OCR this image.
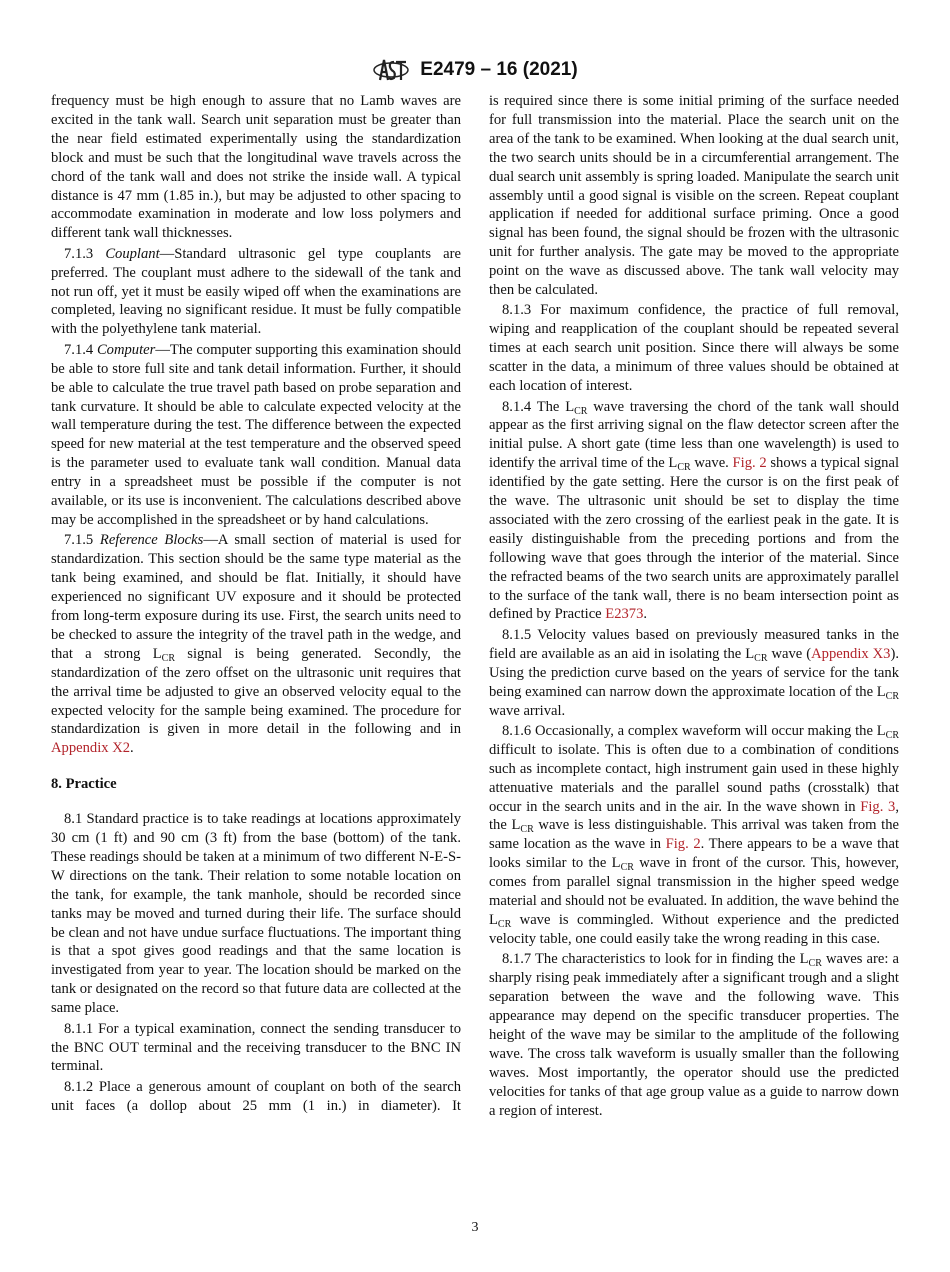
E2479 – 16 (2021)

frequency must be high enough to assure that no Lamb waves are excited in the tank wall. Search unit separation must be greater than the near field estimated experimentally using the standardization block and must be such that the longitudinal wave travels across the chord of the tank wall and does not strike the inside wall. A typical distance is 47 mm (1.85 in.), but may be adjusted to other spacing to accommodate examination in moderate and low loss polymers and different tank wall thicknesses.

7.1.3 Couplant—Standard ultrasonic gel type couplants are preferred. The couplant must adhere to the sidewall of the tank and not run off, yet it must be easily wiped off when the examinations are completed, leaving no significant residue. It must be fully compatible with the polyethylene tank material.

7.1.4 Computer—The computer supporting this examination should be able to store full site and tank detail information. Further, it should be able to calculate the true travel path based on probe separation and tank curvature. It should be able to calculate expected velocity at the wall temperature during the test. The difference between the expected speed for new material at the test temperature and the observed speed is the parameter used to evaluate tank wall condition. Manual data entry in a spreadsheet must be possible if the computer is not available, or its use is inconvenient. The calculations described above may be accomplished in the spreadsheet or by hand calculations.

7.1.5 Reference Blocks—A small section of material is used for standardization. This section should be the same type material as the tank being examined, and should be flat. Initially, it should have experienced no significant UV exposure and it should be protected from long-term exposure during its use. First, the search units need to be checked to assure the integrity of the travel path in the wedge, and that a strong $L_{CR}$ signal is being generated. Secondly, the standardization of the zero offset on the ultrasonic unit requires that the arrival time be adjusted to give an observed velocity equal to the expected velocity for the sample being examined. The procedure for standardization is given in more detail in the following and in Appendix X2.

8. Practice

8.1 Standard practice is to take readings at locations approximately 30 cm (1 ft) and 90 cm (3 ft) from the base (bottom) of the tank. These readings should be taken at a minimum of two different N-E-S-W directions on the tank. Their relation to some notable location on the tank, for example, the tank manhole, should be recorded since tanks may be moved and turned during their life. The surface should be clean and not have undue surface fluctuations. The important thing is that a spot gives good readings and that the same location is investigated from year to year. The location should be marked on the tank or designated on the record so that future data are collected at the same place.

8.1.1 For a typical examination, connect the sending transducer to the BNC OUT terminal and the receiving transducer to the BNC IN terminal.

8.1.2 Place a generous amount of couplant on both of the search unit faces (a dollop about 25 mm (1 in.) in diameter). It

is required since there is some initial priming of the surface needed for full transmission into the material. Place the search unit on the area of the tank to be examined. When looking at the dual search unit, the two search units should be in a circumferential arrangement. The dual search unit assembly is spring loaded. Manipulate the search unit assembly until a good signal is visible on the screen. Repeat couplant application if needed for additional surface priming. Once a good signal has been found, the signal should be frozen with the ultrasonic unit for further analysis. The gate may be moved to the appropriate point on the wave as discussed above. The tank wall velocity may then be calculated.

8.1.3 For maximum confidence, the practice of full removal, wiping and reapplication of the couplant should be repeated several times at each search unit position. Since there will always be some scatter in the data, a minimum of three values should be obtained at each location of interest.

8.1.4 The $L_{CR}$ wave traversing the chord of the tank wall should appear as the first arriving signal on the flaw detector screen after the initial pulse. A short gate (time less than one wavelength) is used to identify the arrival time of the $L_{CR}$ wave. Fig. 2 shows a typical signal identified by the gate setting. Here the cursor is on the first peak of the wave. The ultrasonic unit should be set to display the time associated with the zero crossing of the earliest peak in the gate. It is easily distinguishable from the preceding portions and from the following wave that goes through the interior of the material. Since the refracted beams of the two search units are approximately parallel to the surface of the tank wall, there is no beam intersection point as defined by Practice E2373.

8.1.5 Velocity values based on previously measured tanks in the field are available as an aid in isolating the $L_{CR}$ wave (Appendix X3). Using the prediction curve based on the years of service for the tank being examined can narrow down the approximate location of the $L_{CR}$ wave arrival.

8.1.6 Occasionally, a complex waveform will occur making the $L_{CR}$ difficult to isolate. This is often due to a combination of conditions such as incomplete contact, high instrument gain used in these highly attenuative materials and the parallel sound paths (crosstalk) that occur in the search units and in the air. In the wave shown in Fig. 3, the $L_{CR}$ wave is less distinguishable. This arrival was taken from the same location as the wave in Fig. 2. There appears to be a wave that looks similar to the $L_{CR}$ wave in front of the cursor. This, however, comes from parallel signal transmission in the higher speed wedge material and should not be evaluated. In addition, the wave behind the $L_{CR}$ wave is commingled. Without experience and the predicted velocity table, one could easily take the wrong reading in this case.

8.1.7 The characteristics to look for in finding the $L_{CR}$ waves are: a sharply rising peak immediately after a significant trough and a slight separation between the wave and the following wave. This appearance may depend on the specific transducer properties. The height of the wave may be similar to the amplitude of the following wave. The cross talk waveform is usually smaller than the following waves. Most importantly, the operator should use the predicted velocities for tanks of that age group value as a guide to narrow down a region of interest.

3
